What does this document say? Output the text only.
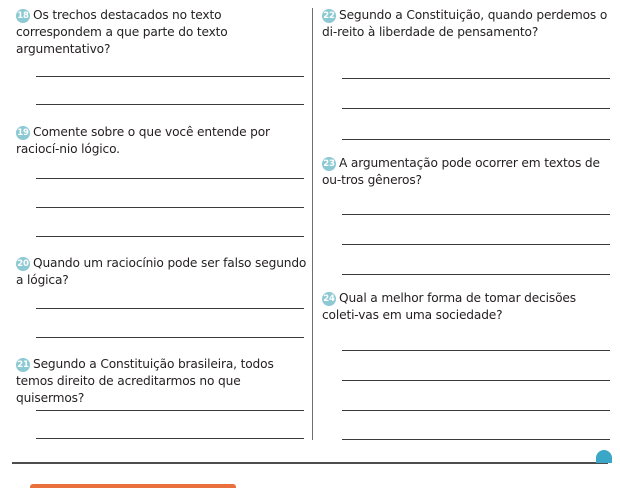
18 Os trechos destacados no texto correspondem a que parte do texto argumentativo?

19 Comente sobre o que você entende por raciocí-nio lógico.

20 Quando um raciocínio pode ser falso segundo a lógica?

21 Segundo a Constituição brasileira, todos temos direito de acreditarmos no que quisermos?

22 Segundo a Constituição, quando perdemos o di-reito à liberdade de pensamento?

23 A argumentação pode ocorrer em textos de ou-tros gêneros?

24 Qual a melhor forma de tomar decisões coleti-vas em uma sociedade?
